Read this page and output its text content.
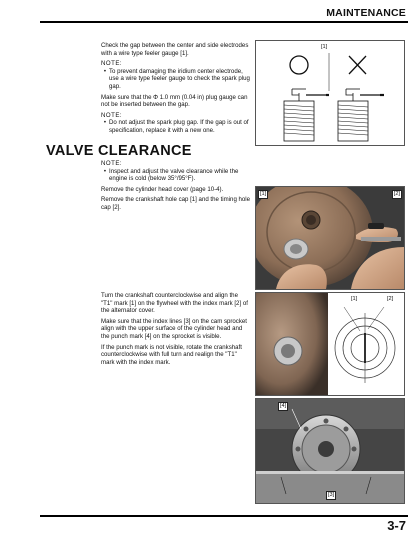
MAINTENANCE

Check the gap between the center and side electrodes with a wire type feeler gauge [1].

NOTE:

• To prevent damaging the iridium center electrode, use a wire type feeler gauge to check the spark plug gap.

Make sure that the Φ 1.0 mm (0.04 in) plug gauge can not be inserted between the gap.

NOTE:

• Do not adjust the spark plug gap. If the gap is out of specification, replace it with a new one.
[1]
VALVE CLEARANCE

NOTE:

• Inspect and adjust the valve clearance while the engine is cold (below 35°/95°F).

Remove the cylinder head cover (page 10-4).

Remove the crankshaft hole cap [1] and the timing hole cap [2].

Turn the crankshaft counterclockwise and align the "T1" mark [1] on the flywheel with the index mark [2] of the alternator cover.

Make sure that the index lines [3] on the cam sprocket align with the upper surface of the cylinder head and the punch mark [4] on the sprocket is visible.

If the punch mark is not visible, rotate the crankshaft counterclockwise with full turn and realign the "T1" mark with the index mark.

[1]	[2]
[1]	[2]
[4]
[3]
3-7
